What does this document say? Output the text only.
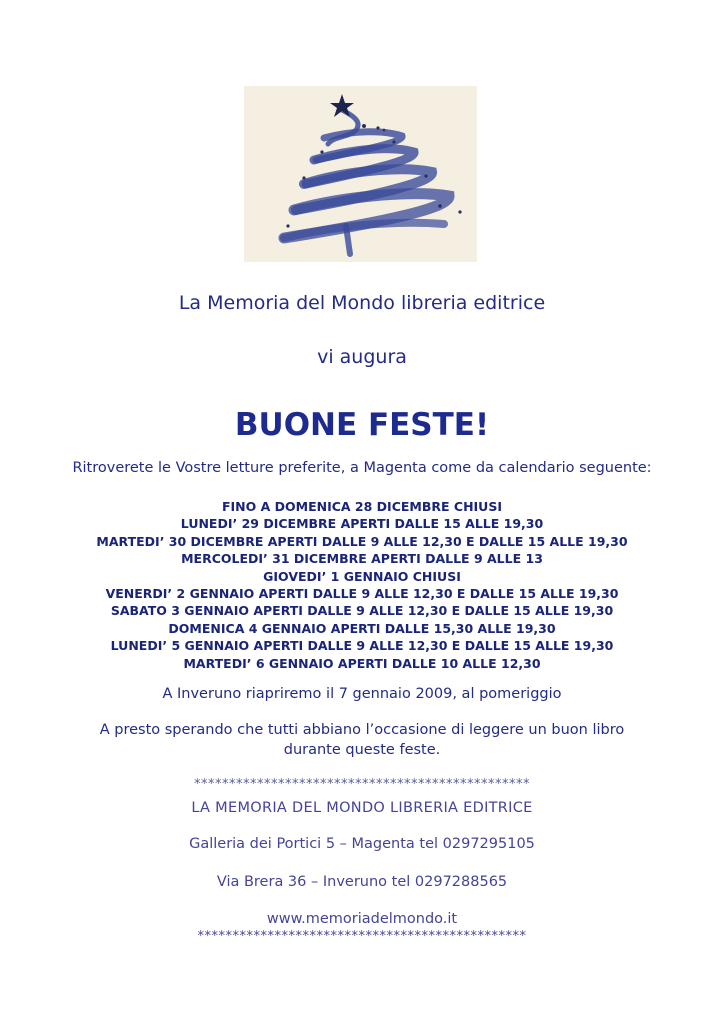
La Memoria del Mondo libreria editrice
vi augura
BUONE FESTE!
Ritroverete le Vostre letture preferite, a Magenta come da calendario seguente:
FINO A DOMENICA 28 DICEMBRE CHIUSI
LUNEDI’ 29 DICEMBRE APERTI DALLE 15 ALLE 19,30
MARTEDI’ 30 DICEMBRE APERTI DALLE 9 ALLE 12,30 E DALLE 15 ALLE 19,30
MERCOLEDI’ 31 DICEMBRE APERTI DALLE 9 ALLE 13
GIOVEDI’ 1 GENNAIO CHIUSI
VENERDI’ 2 GENNAIO APERTI DALLE 9 ALLE 12,30 E DALLE 15 ALLE 19,30
SABATO 3 GENNAIO APERTI DALLE 9 ALLE 12,30 E DALLE 15 ALLE 19,30
DOMENICA 4 GENNAIO APERTI DALLE 15,30 ALLE 19,30
LUNEDI’ 5 GENNAIO APERTI DALLE 9 ALLE 12,30 E DALLE 15 ALLE 19,30
MARTEDI’ 6 GENNAIO APERTI DALLE 10 ALLE 12,30
A Inveruno riapriremo il 7 gennaio 2009, al pomeriggio
A presto sperando che tutti abbiano l’occasione di leggere un buon libro durante queste feste.
************************************************
LA MEMORIA DEL MONDO LIBRERIA EDITRICE
Galleria dei Portici 5 – Magenta tel 0297295105
Via Brera 36 – Inveruno tel 0297288565
www.memoriadelmondo.it
***********************************************
